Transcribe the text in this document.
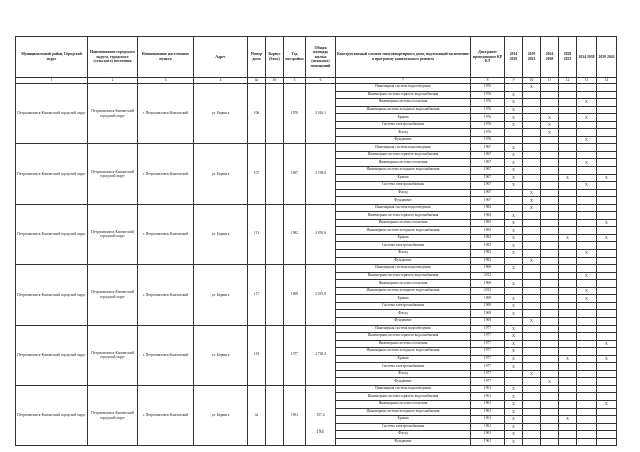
Муниципальный район, Городской округ	Наименование городского округа, городского (сельского) поселения	Наименование населенного пункта	Адрес	Номер дома	Корпус (блок)	Год постройки	Общая площадь жилых (нежилых) помещений	Конструктивный элемент многоквартирного дома, подлежащий включению в программу капитального ремонта	Дата ранее проведенного КР КЭ	2014 2018	2019 2023	2024 2028	2029 2033	2034 2038	2039 2043
1	2	3	4	4а	4б	5	6	7	8	9	10	11	12	13	14
Петропавловск-Камчатский городской округ	Петропавловск-Камчатский городской округ	г. Петропавловск-Камчатский	ул. Беринга	106		1976	3 016,1	Инженерная система водоотведения	1976		X				
								Инженерная система горячего водоснабжения	1976	X					
								Инженерная система отопления	1976	X				X	
								Инженерная система холодного водоснабжения	1976	X					
								Крыша	1976	X		X		X	
								Система электроснабжения	1976	X		X			
								Фасад	1976			X			
								Фундамент	1976					X	
Петропавловск-Камчатский городской округ	Петропавловск-Камчатский городской округ	г. Петропавловск-Камчатский	ул. Беринга	107		1967	2 198,8	Инженерная система водоотведения	1967	X					
								Инженерная система горячего водоснабжения	1967	X					
								Инженерная система отопления	1967	X				X	
								Инженерная система холодного водоснабжения	1967	X					
								Крыша	1967	X			X		X
								Система электроснабжения	1967	X				X	
								Фасад	1967		X				
								Фундамент	1967		X				
Петропавловск-Камчатский городской округ	Петропавловск-Камчатский городской округ	г. Петропавловск-Камчатский	ул. Беринга	113		1982	2 839,6	Инженерная система водоотведения	1982		X				
								Инженерная система горячего водоснабжения	1982	X					
								Инженерная система отопления	1982	X					X
								Инженерная система холодного водоснабжения	1982	X					
								Крыша	1982	X			X		X
								Система электроснабжения	1982	X					
								Фасад	1982	X				X	
								Фундамент	1982		X				
Петропавловск-Камчатский городской округ	Петропавловск-Камчатский городской округ	г. Петропавловск-Камчатский	ул. Беринга	117		1969	2 019,8	Инженерная система водоотведения	1969	X					
								Инженерная система горячего водоснабжения	2012					X	
								Инженерная система отопления	1969	X					
								Инженерная система холодного водоснабжения	2012					X	
								Крыша	1969	X				X	
								Система электроснабжения	1969	X					
								Фасад	1969	X					
								Фундамент	1969		X				
Петропавловск-Камчатский городской округ	Петропавловск-Камчатский городской округ	г. Петропавловск-Камчатский	ул. Беринга	119		1977	2 738,4	Инженерная система водоотведения	1977	X					
								Инженерная система горячего водоснабжения	1977	X					
								Инженерная система отопления	1977	X					X
								Инженерная система холодного водоснабжения	1977	X					
								Крыша	1977	X			X		X
								Система электроснабжения	1977	X					
								Фасад	1977		X				
								Фундамент	1977			X			
Петропавловск-Камчатский городской округ	Петропавловск-Камчатский городской округ	г. Петропавловск-Камчатский	ул. Беринга	4а		1961	357,4	Инженерная система водоотведения	1961	X					
								Инженерная система горячего водоснабжения	1961	X					
								Инженерная система отопления	1961	X					X
								Инженерная система холодного водоснабжения	1961	X					
								Крыша	1961	X			X		
								Система электроснабжения	1961	X					
								Фасад	1961	X					
								Фундамент	1961	X					
194
